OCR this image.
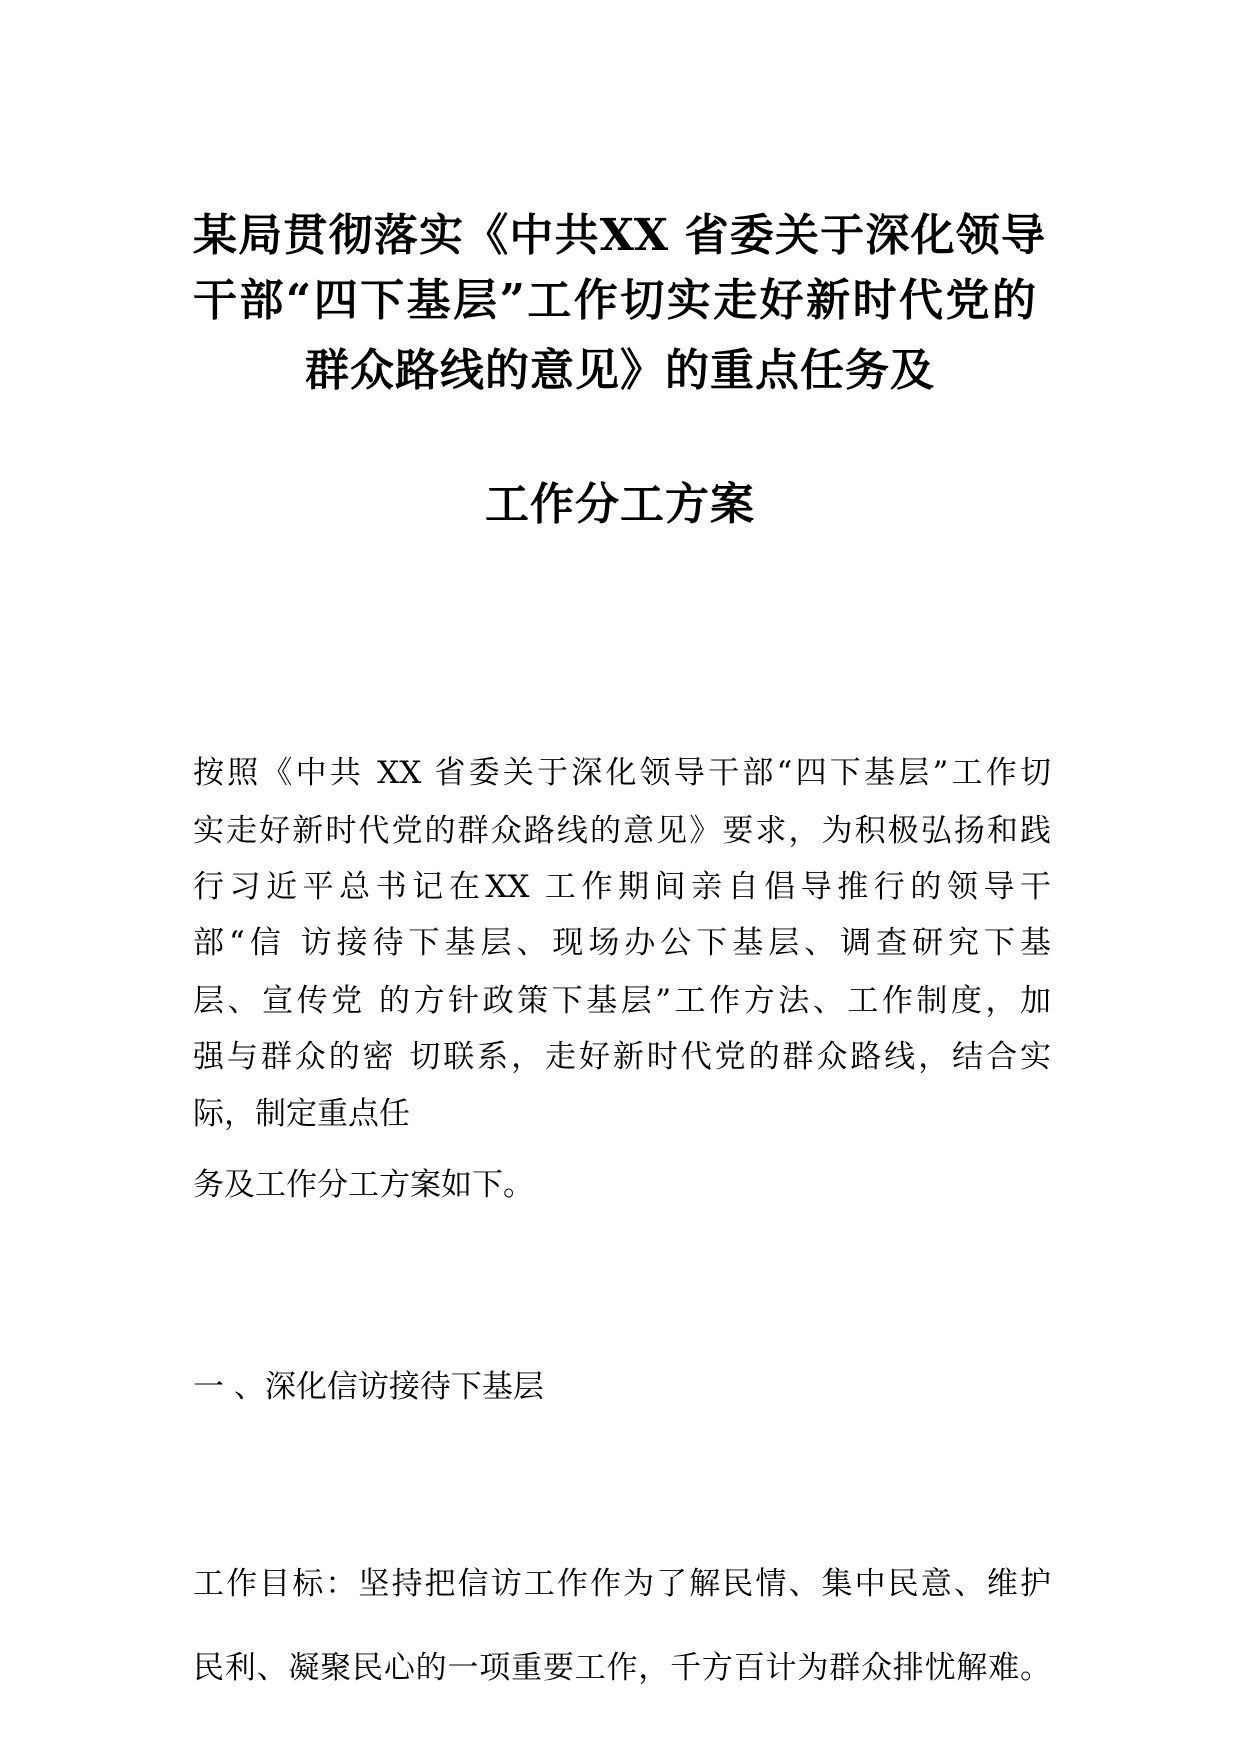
某局贯彻落实《中共XX 省委关于深化领导
干部“四下基层”工作切实走好新时代党的
群众路线的意见》的重点任务及
工作分工方案
按照《中共 XX 省委关于深化领导干部“四下基层”工作切
实走好新时代党的群众路线的意见》要求，为积极弘扬和践
行习近平总书记在XX 工作期间亲自倡导推行的领导干
部“信 访接待下基层、现场办公下基层、调查研究下基
层、宣传党 的方针政策下基层”工作方法、工作制度，加
强与群众的密 切联系，走好新时代党的群众路线，结合实
际，制定重点任
务及工作分工方案如下。
一 、深化信访接待下基层
工作目标：坚持把信访工作作为了解民情、集中民意、维护
民利、凝聚民心的一项重要工作，千方百计为群众排忧解难。
